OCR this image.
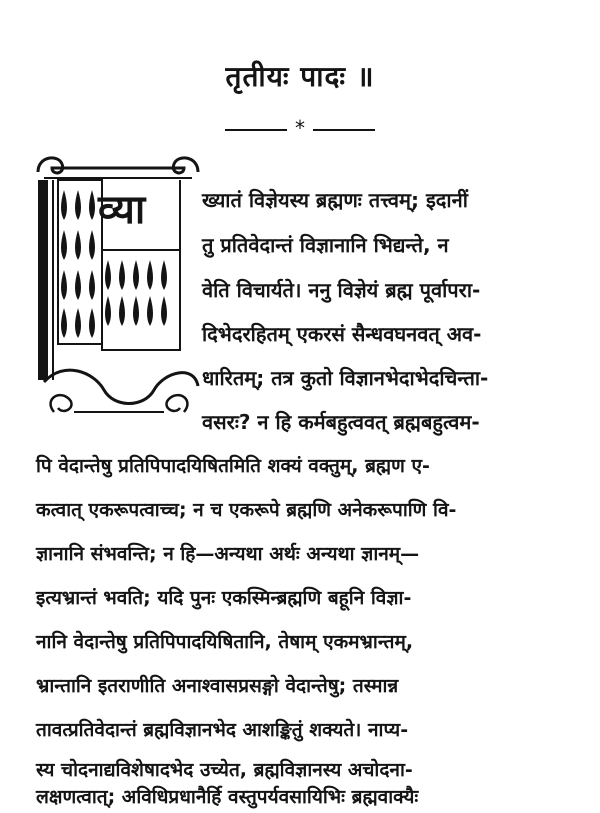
तृतीयः पादः ॥
*
व्या	ख्यातं विज्ञेयस्य ब्रह्मणः तत्त्वम्; इदानीं
तु प्रतिवेदान्तं विज्ञानानि भिद्यन्ते, न
वेति विचार्यते। ननु विज्ञेयं ब्रह्म पूर्वापरा-
दिभेदरहितम् एकरसं सैन्धवघनवत् अव-
धारितम्; तत्र कुतो विज्ञानभेदाभेदचिन्ता-
वसरः? न हि कर्मबहुत्ववत् ब्रह्मबहुत्वम-
पि वेदान्तेषु प्रतिपिपादयिषितमिति शक्यं वक्तुम्, ब्रह्मण ए-
कत्वात् एकरूपत्वाच्च; न च एकरूपे ब्रह्मणि अनेकरूपाणि वि-
ज्ञानानि संभवन्ति; न हि—अन्यथा अर्थः अन्यथा ज्ञानम्—
इत्यभ्रान्तं भवति; यदि पुनः एकस्मिन्ब्रह्मणि बहूनि विज्ञा-
नानि वेदान्तेषु प्रतिपिपादयिषितानि, तेषाम् एकमभ्रान्तम्,
भ्रान्तानि इतराणीति अनाश्वासप्रसङ्गो वेदान्तेषु; तस्मान्न
तावत्प्रतिवेदान्तं ब्रह्मविज्ञानभेद आशङ्कितुं शक्यते। नाप्य-
स्य चोदनाद्यविशेषादभेद उच्येत, ब्रह्मविज्ञानस्य अचोदना-
लक्षणत्वात्; अविधिप्रधानैर्हि वस्तुपर्यवसायिभिः ब्रह्मवाक्यैः
